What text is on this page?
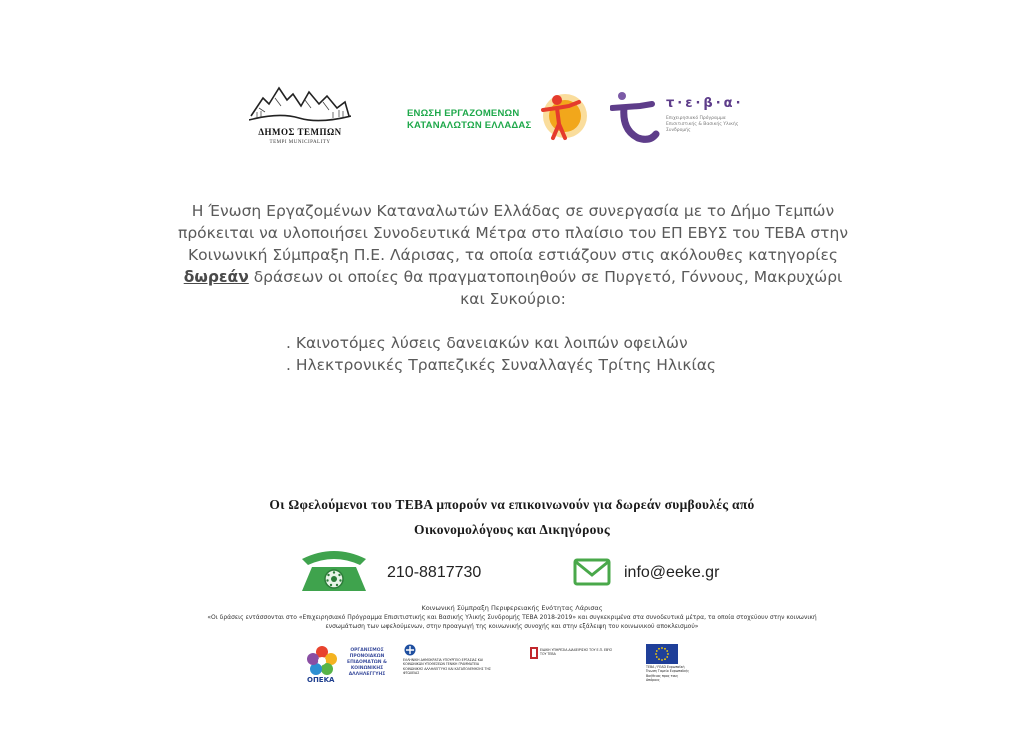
ΔΗΜΟΣ ΤΕΜΠΩΝ
TEMPI MUNICIPALITY
ΕΝΩΣΗ ΕΡΓΑΖΟΜΕΝΩΝ
ΚΑΤΑΝΑΛΩΤΩΝ ΕΛΛΑΔΑΣ
τ·ε·β·α·
Επιχειρησιακό Πρόγραμμα Επισιτιστικής & Βασικής Υλικής Συνδρομής
Η Ένωση Εργαζομένων Καταναλωτών Ελλάδας σε συνεργασία με το Δήμο Τεμπών πρόκειται να υλοποιήσει Συνοδευτικά Μέτρα στο πλαίσιο του ΕΠ ΕΒΥΣ του ΤΕΒΑ στην Κοινωνική Σύμπραξη Π.Ε. Λάρισας, τα οποία εστιάζουν στις ακόλουθες κατηγορίες δωρεάν δράσεων οι οποίες θα πραγματοποιηθούν σε Πυργετό, Γόννους, Μακρυχώρι και Συκούριο:
. Καινοτόμες λύσεις δανειακών και λοιπών οφειλών
. Ηλεκτρονικές Τραπεζικές Συναλλαγές Τρίτης Ηλικίας
Οι Ωφελούμενοι του ΤΕΒΑ μπορούν να επικοινωνούν για δωρεάν συμβουλές από
Οικονομολόγους και Δικηγόρους
210-8817730	info@eeke.gr
Κοινωνική Σύμπραξη Περιφερειακής Ενότητας Λάρισας
«Οι δράσεις εντάσσονται στο «Επιχειρησιακό Πρόγραμμα Επισιτιστικής και Βασικής Υλικής Συνδρομής ΤΕΒΑ 2018-2019» και συγκεκριμένα στα συνοδευτικά μέτρα, τα οποία στοχεύουν στην κοινωνική ενσωμάτωση των ωφελούμενων, στην προαγωγή της κοινωνικής συνοχής και στην εξάλειψη του κοινωνικού αποκλεισμού»
ΟΡΓΑΝΙΣΜΟΣ ΠΡΟΝΟΙΑΚΩΝ ΕΠΙΔΟΜΑΤΩΝ & ΚΟΙΝΩΝΙΚΗΣ ΑΛΛΗΛΕΓΓΥΗΣ
ΟΠΕΚΑ
ΕΛΛΗΝΙΚΗ ΔΗΜΟΚΡΑΤΙΑ ΥΠΟΥΡΓΕΙΟ ΕΡΓΑΣΙΑΣ ΚΑΙ ΚΟΙΝΩΝΙΚΩΝ ΥΠΟΘΕΣΕΩΝ ΓΕΝΙΚΗ ΓΡΑΜΜΑΤΕΙΑ ΚΟΙΝΩΝΙΚΗΣ ΑΛΛΗΛΕΓΓΥΗΣ ΚΑΙ ΚΑΤΑΠΟΛΕΜΗΣΗΣ ΤΗΣ ΦΤΩΧΕΙΑΣ
ΕΙΔΙΚΗ ΥΠΗΡΕΣΙΑ ΔΙΑΧΕΙΡΙΣΗΣ ΤΟΥ Ε.Π. ΕΒΥΣ ΤΟΥ ΤΕΒΑ
ΤΕΒΑ / FEAD Ευρωπαϊκή Ένωση Ταμείο Ευρωπαϊκής Βοήθειας προς τους Απόρους
